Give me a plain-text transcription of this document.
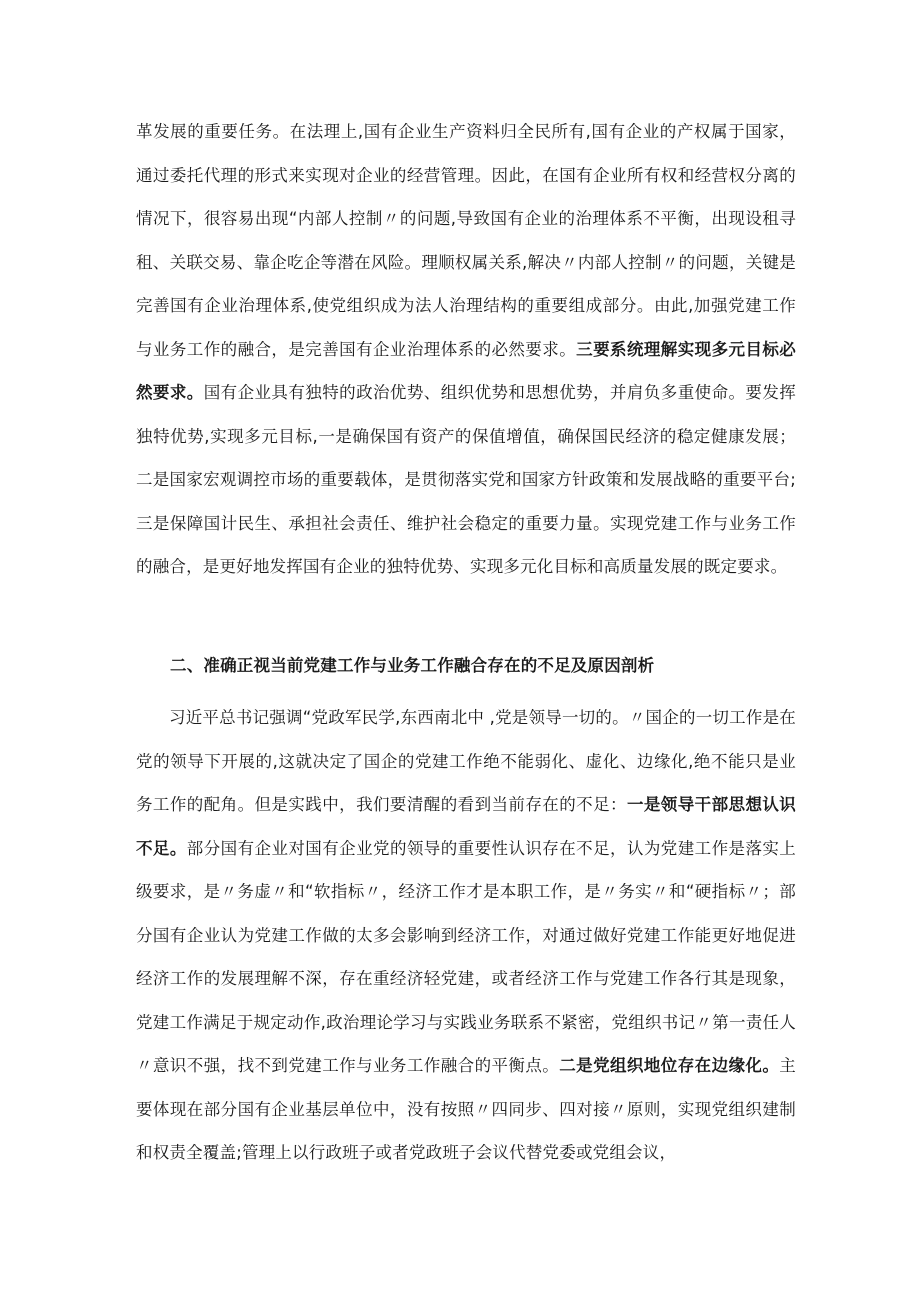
革发展的重要任务。在法理上,国有企业生产资料归全民所有,国有企业的产权属于国家，通过委托代理的形式来实现对企业的经营管理。因此，在国有企业所有权和经营权分离的情况下，很容易出现“内部人控制〃的问题,导致国有企业的治理体系不平衡，出现设租寻租、关联交易、靠企吃企等潜在风险。理顺权属关系,解决〃内部人控制〃的问题，关键是完善国有企业治理体系,使党组织成为法人治理结构的重要组成部分。由此,加强党建工作与业务工作的融合，是完善国有企业治理体系的必然要求。三要系统理解实现多元目标必然要求。国有企业具有独特的政治优势、组织优势和思想优势，并肩负多重使命。要发挥独特优势,实现多元目标,一是确保国有资产的保值增值，确保国民经济的稳定健康发展；二是国家宏观调控市场的重要载体，是贯彻落实党和国家方针政策和发展战略的重要平台;三是保障国计民生、承担社会责任、维护社会稳定的重要力量。实现党建工作与业务工作的融合，是更好地发挥国有企业的独特优势、实现多元化目标和高质量发展的既定要求。

二、准确正视当前党建工作与业务工作融合存在的不足及原因剖析

习近平总书记强调“党政军民学,东西南北中 ,党是领导一切的。〃国企的一切工作是在党的领导下开展的,这就决定了国企的党建工作绝不能弱化、虚化、边缘化,绝不能只是业务工作的配角。但是实践中，我们要清醒的看到当前存在的不足：一是领导干部思想认识不足。部分国有企业对国有企业党的领导的重要性认识存在不足，认为党建工作是落实上级要求，是〃务虚〃和“软指标〃，经济工作才是本职工作，是〃务实〃和“硬指标〃；部分国有企业认为党建工作做的太多会影响到经济工作，对通过做好党建工作能更好地促进经济工作的发展理解不深，存在重经济轻党建，或者经济工作与党建工作各行其是现象，党建工作满足于规定动作,政治理论学习与实践业务联系不紧密，党组织书记〃第一责任人〃意识不强，找不到党建工作与业务工作融合的平衡点。二是党组织地位存在边缘化。主要体现在部分国有企业基层单位中，没有按照〃四同步、四对接〃原则，实现党组织建制和权责全覆盖;管理上以行政班子或者党政班子会议代替党委或党组会议，
